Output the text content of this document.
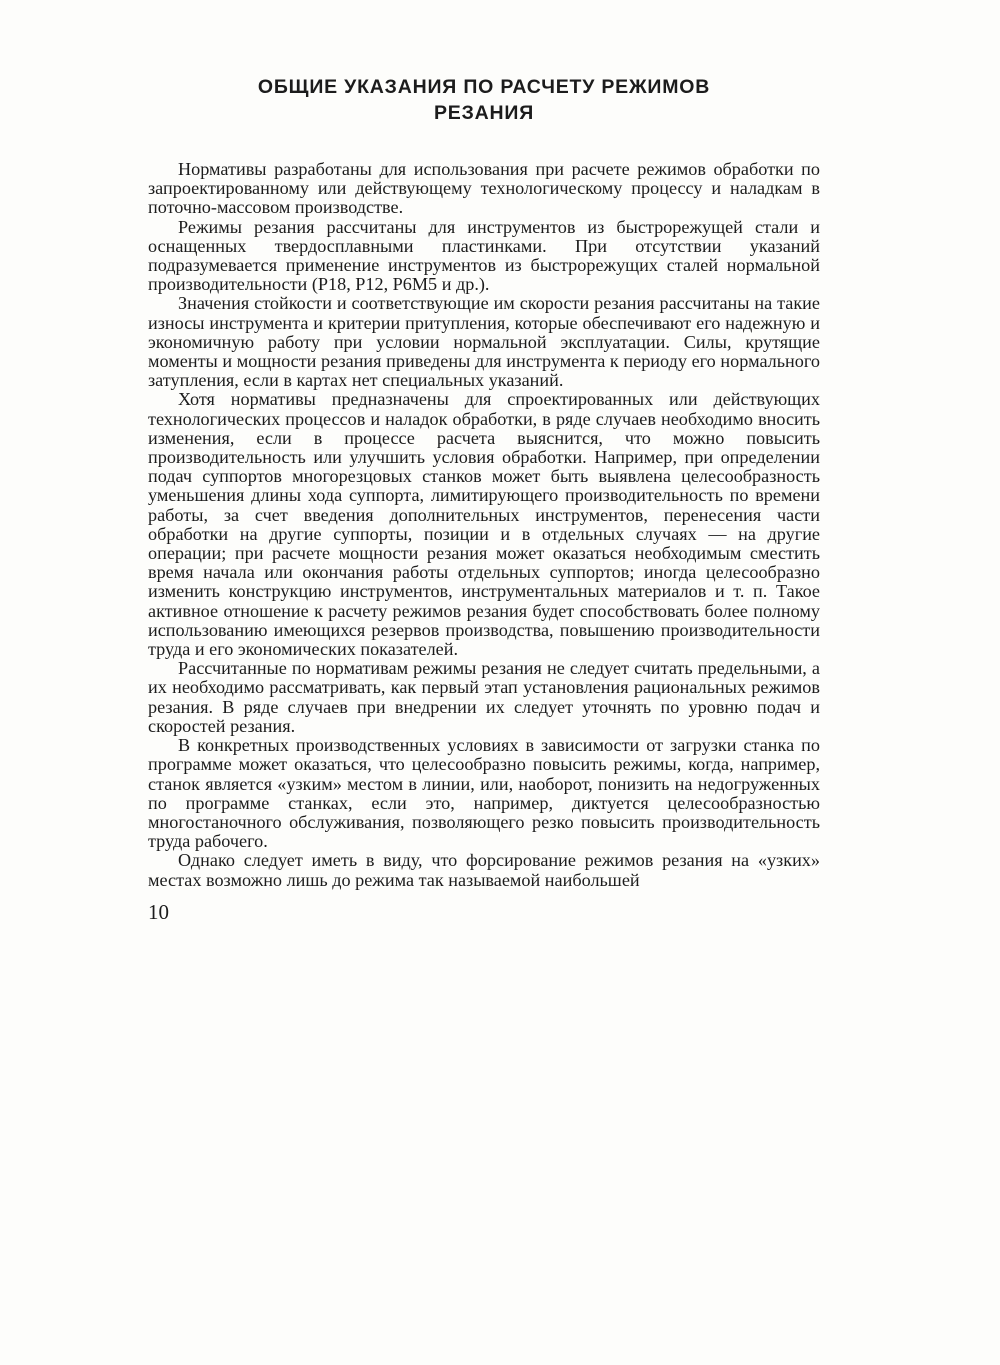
ОБЩИЕ УКАЗАНИЯ ПО РАСЧЕТУ РЕЖИМОВ
РЕЗАНИЯ

Нормативы разработаны для использования при расчете режимов обработки по запроектированному или действующему технологическому процессу и наладкам в поточно-массовом производстве.

Режимы резания рассчитаны для инструментов из быстрорежущей стали и оснащенных твердосплавными пластинками. При отсутствии указаний подразумевается применение инструментов из быстрорежущих сталей нормальной производительности (Р18, Р12, Р6М5 и др.).

Значения стойкости и соответствующие им скорости резания рассчитаны на такие износы инструмента и критерии притупления, которые обеспечивают его надежную и экономичную работу при условии нормальной эксплуатации. Силы, крутящие моменты и мощности резания приведены для инструмента к периоду его нормального затупления, если в картах нет специальных указаний.

Хотя нормативы предназначены для спроектированных или действующих технологических процессов и наладок обработки, в ряде случаев необходимо вносить изменения, если в процессе расчета выяснится, что можно повысить производительность или улучшить условия обработки. Например, при определении подач суппортов многорезцовых станков может быть выявлена целесообразность уменьшения длины хода суппорта, лимитирующего производительность по времени работы, за счет введения дополнительных инструментов, перенесения части обработки на другие суппорты, позиции и в отдельных случаях — на другие операции; при расчете мощности резания может оказаться необходимым сместить время начала или окончания работы отдельных суппортов; иногда целесообразно изменить конструкцию инструментов, инструментальных материалов и т. п. Такое активное отношение к расчету режимов резания будет способствовать более полному использованию имеющихся резервов производства, повышению производительности труда и его экономических показателей.

Рассчитанные по нормативам режимы резания не следует считать предельными, а их необходимо рассматривать, как первый этап установления рациональных режимов резания. В ряде случаев при внедрении их следует уточнять по уровню подач и скоростей резания.

В конкретных производственных условиях в зависимости от загрузки станка по программе может оказаться, что целесообразно повысить режимы, когда, например, станок является «узким» местом в линии, или, наоборот, понизить на недогруженных по программе станках, если это, например, диктуется целесообразностью многостаночного обслуживания, позволяющего резко повысить производительность труда рабочего.

Однако следует иметь в виду, что форсирование режимов резания на «узких» местах возможно лишь до режима так называемой наибольшей

10
